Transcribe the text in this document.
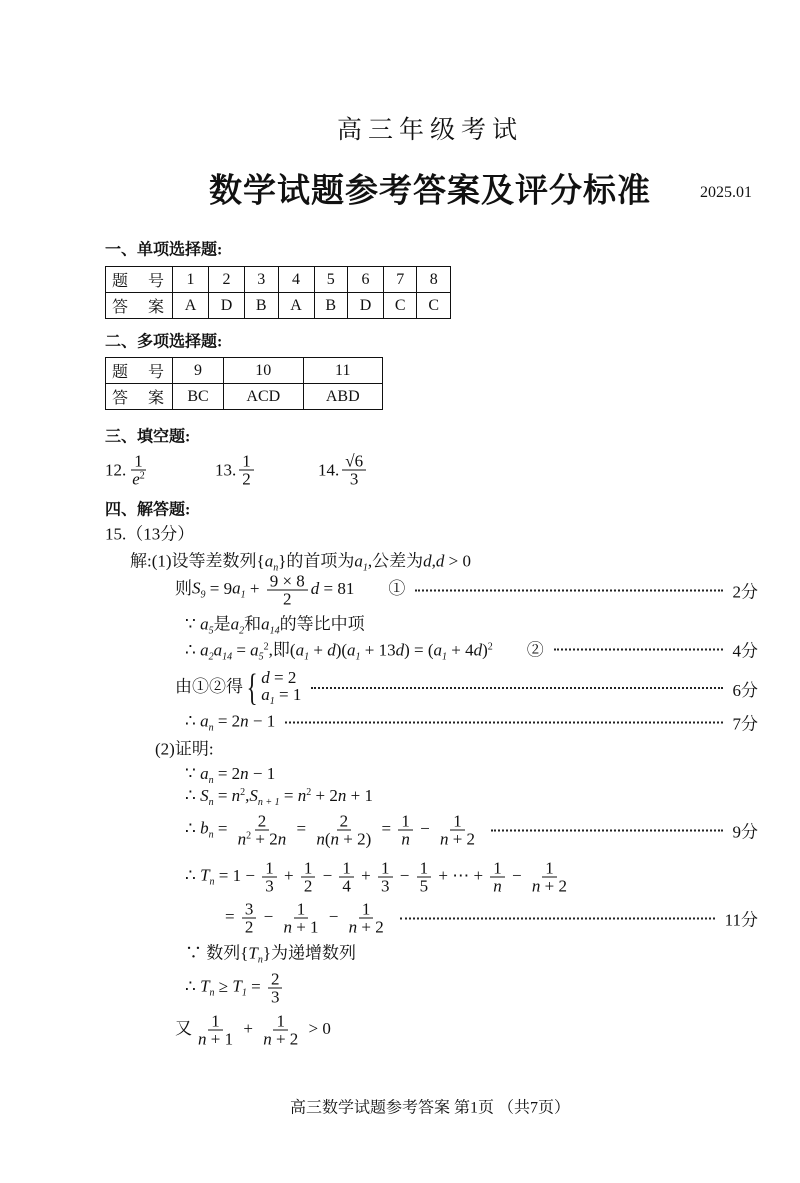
高三年级考试
数学试题参考答案及评分标准	2025.01
一、单项选择题:
题　号	1	2	3	4	5	6	7	8
答　案	A	D	B	A	B	D	C	C
二、多项选择题:
题　号	9	10	11
答　案	BC	ACD	ABD
三、填空题:
12. $\frac{1}{e^2}$	13. $\frac{1}{2}$	14. $\frac{√6}{3}$
四、解答题:
15.（13分）
解:(1)设等差数列$\{a_n\}$的首项为$a_1$,公差为d,d > 0
则$S_9 = 9a_1 + \frac{9 \times 8}{2}$ d = 81　　①	2分
∵ $a_5$是$a_2$和$a_{14}$的等比中项
∴ $a_2a_{14} = a_5^2$,即$(a_1 + d)(a_1 + 13d) = (a_1 + 4d)^2$　　②	4分
由①②得 { d = 2
$a_1 = 1$	6分
∴ $a_n = 2n - 1$	7分
(2)证明:
∵ $a_n = 2n - 1$
∴ $S_n = n^2,S_{n + 1} = n^2 + 2n + 1$
∴ $b_n = \frac{2}{n^2 + 2n} = \frac{2}{n(n + 2)} = \frac{1}{n} - \frac{1}{n + 2}$	9分
∴ $T_n = 1 - \frac{1}{3} + \frac{1}{2} - \frac{1}{4} + \frac{1}{3} - \frac{1}{5}$ + ⋯ + $\frac{1}{n} - \frac{1}{n + 2}$
= $\frac{3}{2} - \frac{1}{n + 1} - \frac{1}{n + 2}$	11分
∵ 数列$\{T_n\}$为递增数列
∴ $T_n \ge T_1 = \frac{2}{3}$
又 $\frac{1}{n + 1} + \frac{1}{n + 2} > 0$
高三数学试题参考答案 第1页 （共7页）
